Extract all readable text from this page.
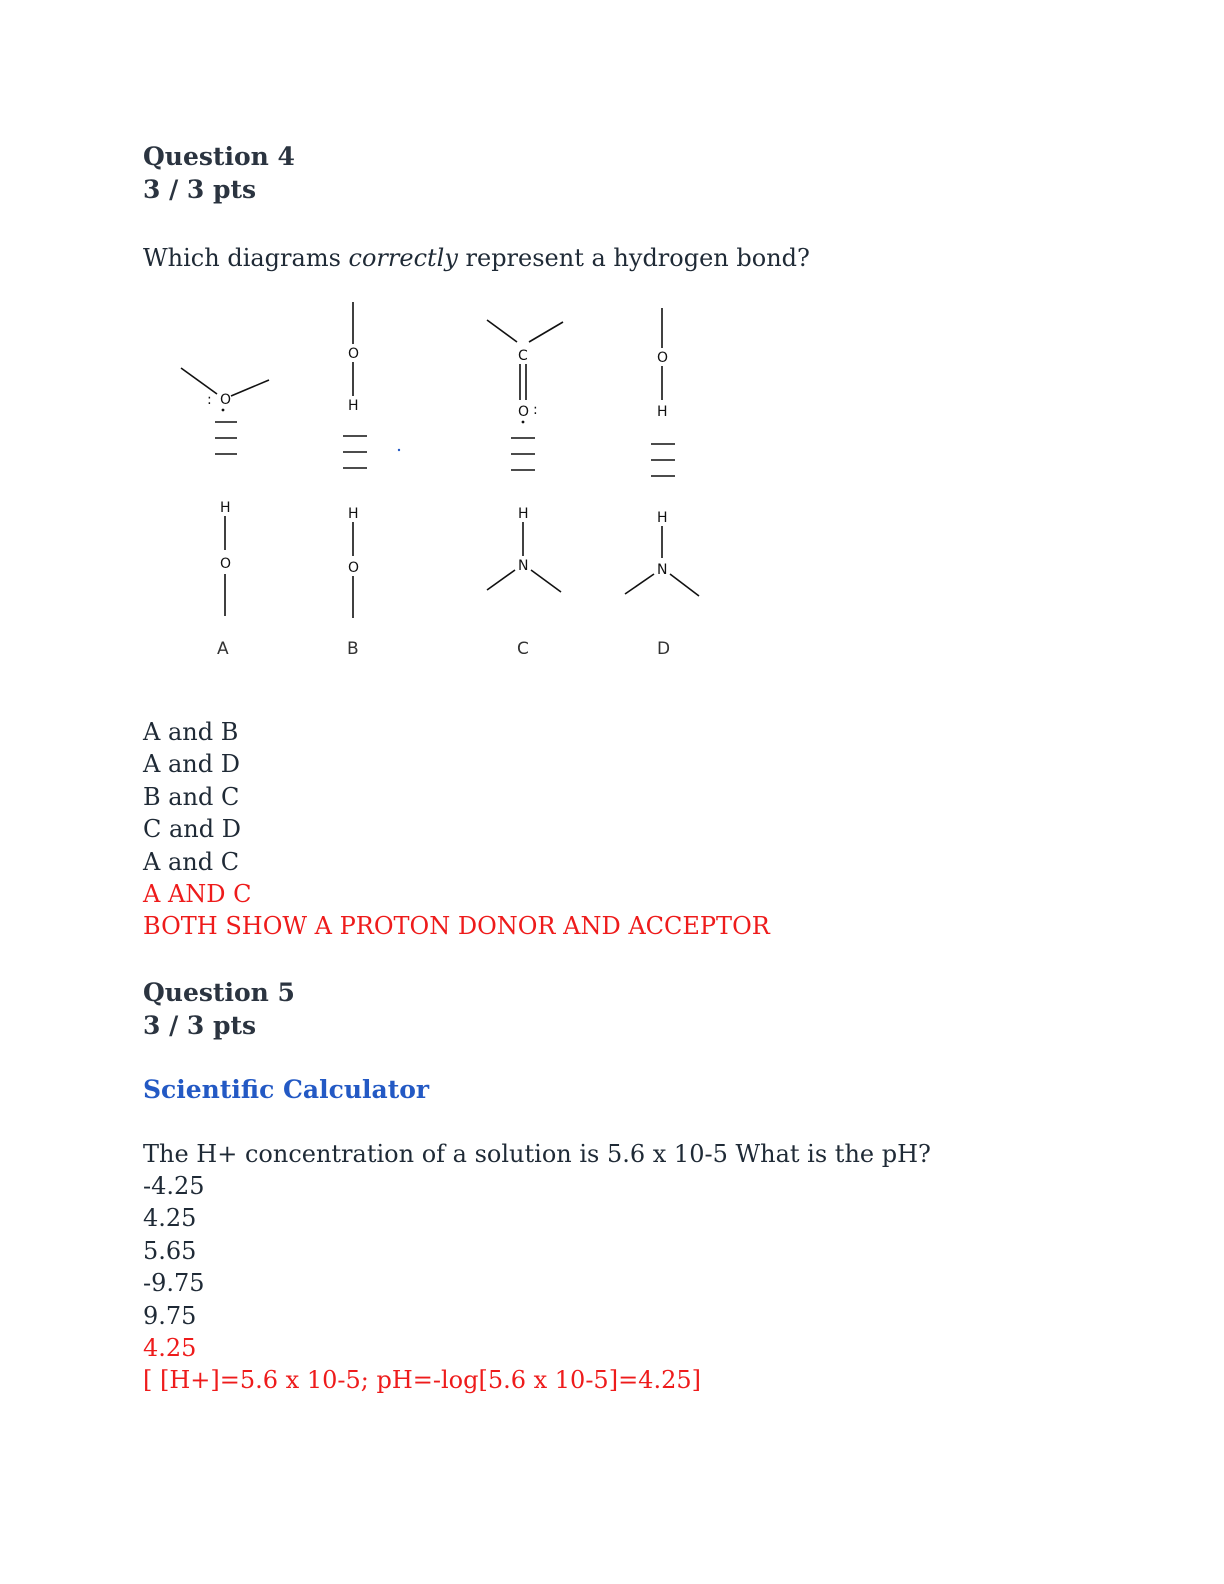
Question 4

3 / 3 pts

Which diagrams correctly represent a hydrogen bond?

O
:
H
O
O
H
H
O
C
O :
H
N
O
H
H
N
A	B	C	D
A and B
A and D
B and C
C and D
A and C
A AND C
BOTH SHOW A PROTON DONOR AND ACCEPTOR

Question 5

3 / 3 pts

Scientific Calculator

The H+ concentration of a solution is 5.6 x 10-5 What is the pH?

-4.25
4.25
5.65
-9.75
9.75
4.25
[ [H+]=5.6 x 10-5; pH=-log[5.6 x 10-5]=4.25]
